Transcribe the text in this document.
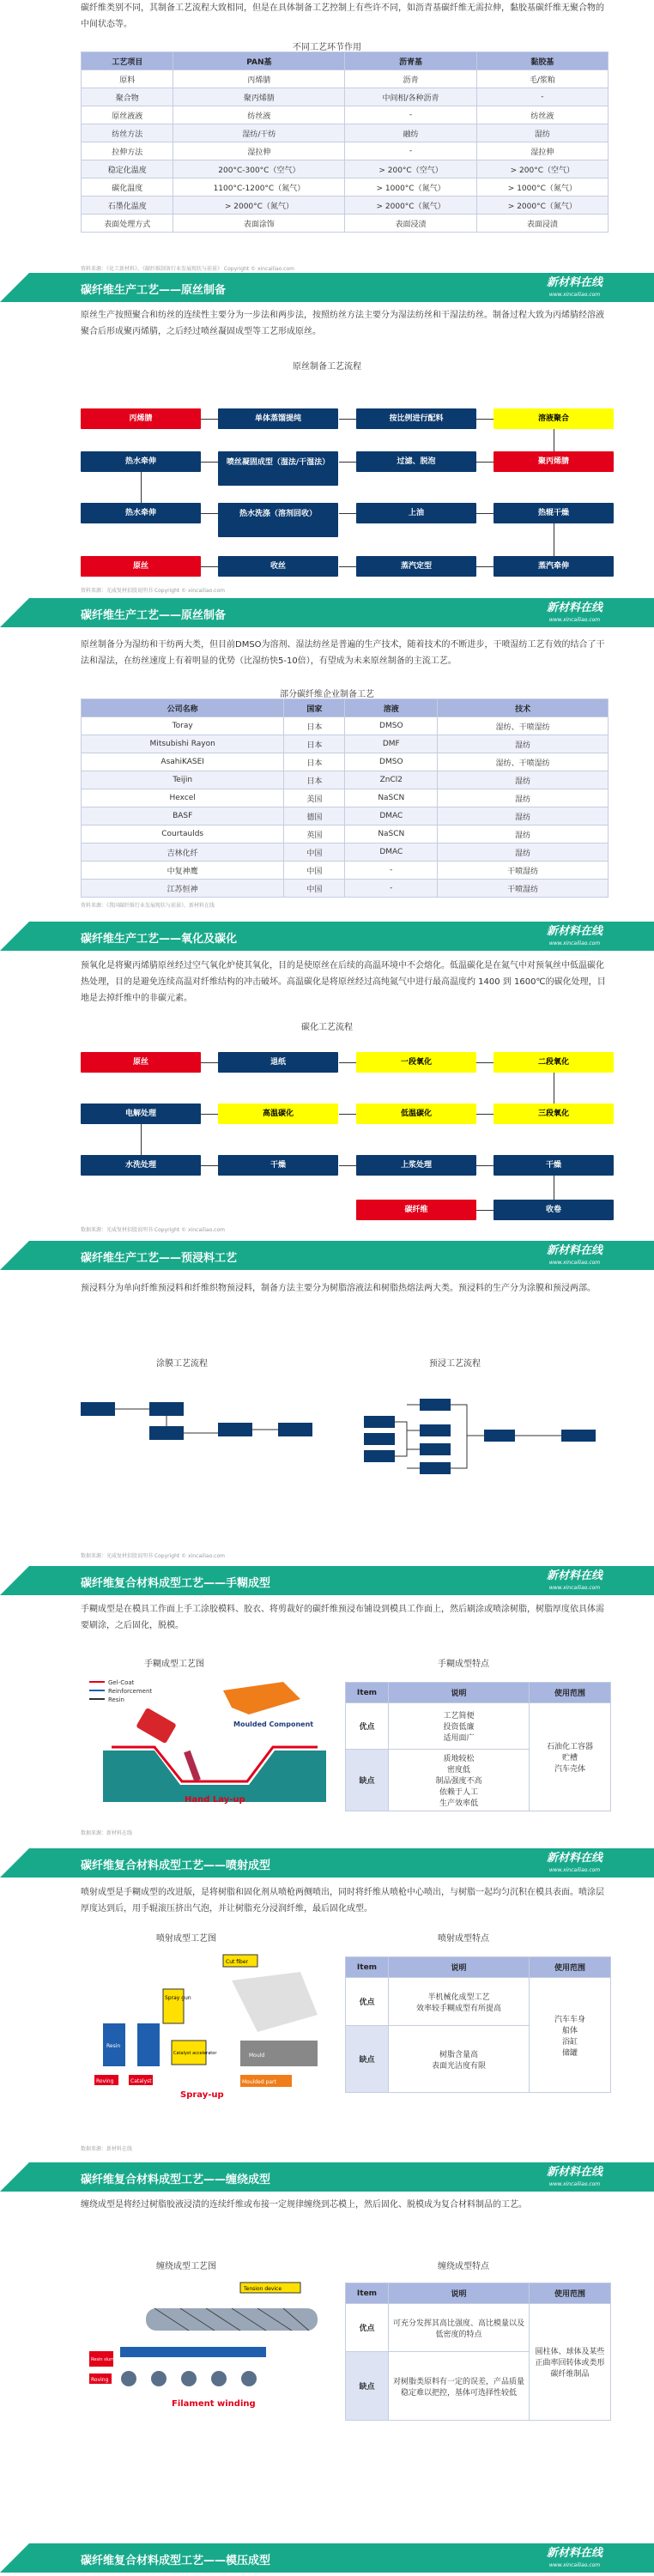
碳纤维类别不同，其制备工艺流程大致相同，但是在具体制备工艺控制上有些许不同，如沥青基碳纤维无需拉伸，黏胶基碳纤维无聚合物的中间状态等。
不同工艺环节作用
工艺项目	PAN基	沥青基	黏胶基
原料	丙烯腈	沥青	毛/浆粕
聚合物	聚丙烯腈	中间相/各种沥青	-
原丝液液	纺丝液	-	纺丝液
纺丝方法	湿纺/干纺	融纺	湿纺
拉伸方法	湿拉伸	-	湿拉伸
稳定化温度	200°C-300°C（空气）	> 200°C（空气）	> 200°C（空气）
碳化温度	1100°C-1200°C（氮气）	> 1000°C（氮气）	> 1000°C（氮气）
石墨化温度	> 2000°C（氮气）	> 2000°C（氮气）	> 2000°C（氮气）
表面处理方式	表面涂饰	表面浸渍	表面浸渍
资料来源：《化工新材料》，《碳纤维制备行业发展现状与前景》 Copyright © xincailiao.com
碳纤维生产工艺——原丝制备
新材料在线
www.xincailiao.com
原丝生产按照聚合和纺丝的连续性主要分为一步法和两步法，按照纺丝方法主要分为湿法纺丝和干湿法纺丝。制备过程大致为丙烯腈经溶液聚合后形成聚丙烯腈，之后经过喷丝凝固成型等工艺形成原丝。
原丝制备工艺流程
丙烯腈	单体蒸馏提纯	按比例进行配料	溶液聚合
热水牵伸	喷丝凝固成型（湿法/干湿法）	过滤、脱泡	聚丙烯腈
热水牵伸	热水洗涤（溶剂回收）	上油	热辊干燥
原丝	收丝	蒸汽定型	蒸汽牵伸
资料来源：光威复材招股说明书 Copyright © xincailiao.com
碳纤维生产工艺——原丝制备
新材料在线
www.xincailiao.com
原丝制备分为湿纺和干纺两大类，但目前DMSO为溶剂、湿法纺丝是普遍的生产技术，随着技术的不断进步，干喷湿纺工艺有效的结合了干法和湿法，在纺丝速度上有着明显的优势（比湿纺快5-10倍），有望成为未来原丝制备的主流工艺。
部分碳纤维企业制备工艺
公司名称	国家	溶液	技术
Toray	日本	DMSO	湿纺、干喷湿纺
Mitsubishi Rayon	日本	DMF	湿纺
AsahiKASEI	日本	DMSO	湿纺、干喷湿纺
Teijin	日本	ZnCl2	湿纺
Hexcel	美国	NaSCN	湿纺
BASF	德国	DMAC	湿纺
Courtaulds	英国	NaSCN	湿纺
吉林化纤	中国	DMAC	湿纺
中复神鹰	中国	-	干喷湿纺
江苏恒神	中国	-	干喷湿纺
资料来源：《我国碳纤维行业发展现状与前景》，新材料在线
碳纤维生产工艺——氧化及碳化
新材料在线
www.xincailiao.com
预氧化是将聚丙烯腈原丝经过空气氧化炉使其氧化，目的是使原丝在后续的高温环境中不会熔化。低温碳化是在氮气中对预氧丝中低温碳化热处理，目的是避免连续高温对纤维结构的冲击破坏。高温碳化是将原丝经过高纯氮气中进行最高温度约 1400 到 1600℃的碳化处理，目地是去掉纤维中的非碳元素。
碳化工艺流程
原丝	退纸	一段氧化	二段氧化
电解处理	高温碳化	低温碳化	三段氧化
水洗处理	干燥	上浆处理	干燥
碳纤维	收卷
数据来源：光威复材招股说明书 Copyright © xincailiao.com
碳纤维生产工艺——预浸料工艺
新材料在线
www.xincailiao.com
预浸料分为单向纤维预浸料和纤维织物预浸料，制备方法主要分为树脂溶液法和树脂热熔法两大类。预浸料的生产分为涂膜和预浸两部。
涂膜工艺流程	预浸工艺流程
数据来源：光威复材招股说明书 Copyright © xincailiao.com
碳纤维复合材料成型工艺——手糊成型
新材料在线
www.xincailiao.com
手糊成型是在模具工作面上手工涂胶模料、胶衣、将剪裁好的碳纤维预浸布铺设到模具工作面上，然后刷涂或喷涂树脂，树脂厚度依具体需要刷涂，之后固化，脱模。
手糊成型工艺图	手糊成型特点
Gel-Coat
Reinforcement
Resin
Moulded Component
Hand Lay-up
Item	说明	使用范围
优点	工艺简便
投资低廉
适用面广	石油化工容器
贮槽
汽车壳体
缺点	质地较松
密度低
制品强度不高
依赖于人工
生产效率低	
数据来源：新材料在线
碳纤维复合材料成型工艺——喷射成型
新材料在线
www.xincailiao.com
喷射成型是手糊成型的改进版，是将树脂和固化剂从喷枪两侧喷出，同时将纤维从喷枪中心喷出，与树脂一起均匀沉积在模具表面。喷涂层厚度达到后，用手辊滚压挤出气泡，并让树脂充分浸润纤维，最后固化成型。
喷射成型工艺图	喷射成型特点
Cut fiber
Spray gun
Resin
Catalyst accelerator
Roving	Catalyst
Mould
Moulded part
Spray-up
Item	说明	使用范围
优点	半机械化成型工艺
效率较手糊成型有所提高	汽车车身
船体
浴缸
储罐
缺点	树脂含量高
表面光洁度有限	
数据来源：新材料在线
碳纤维复合材料成型工艺——缠绕成型
新材料在线
www.xincailiao.com
缠绕成型是将经过树脂胶液浸渍的连续纤维或布接一定规律缠绕到芯模上，然后固化、脱模成为复合材料制品的工艺。
缠绕成型工艺图	缠绕成型特点
Tension device
Resin slurry
Roving
Filament winding
Item	说明	使用范围
优点	可充分发挥其高比强度、高比模量以及低密度的特点	圆柱体、球体及某些正曲率回转体或类形碳纤维制品
缺点	对树脂类原料有一定的误差，产品质量稳定难以把控，基体可选择性较低	
碳纤维复合材料成型工艺——模压成型
新材料在线
www.xincailiao.com
